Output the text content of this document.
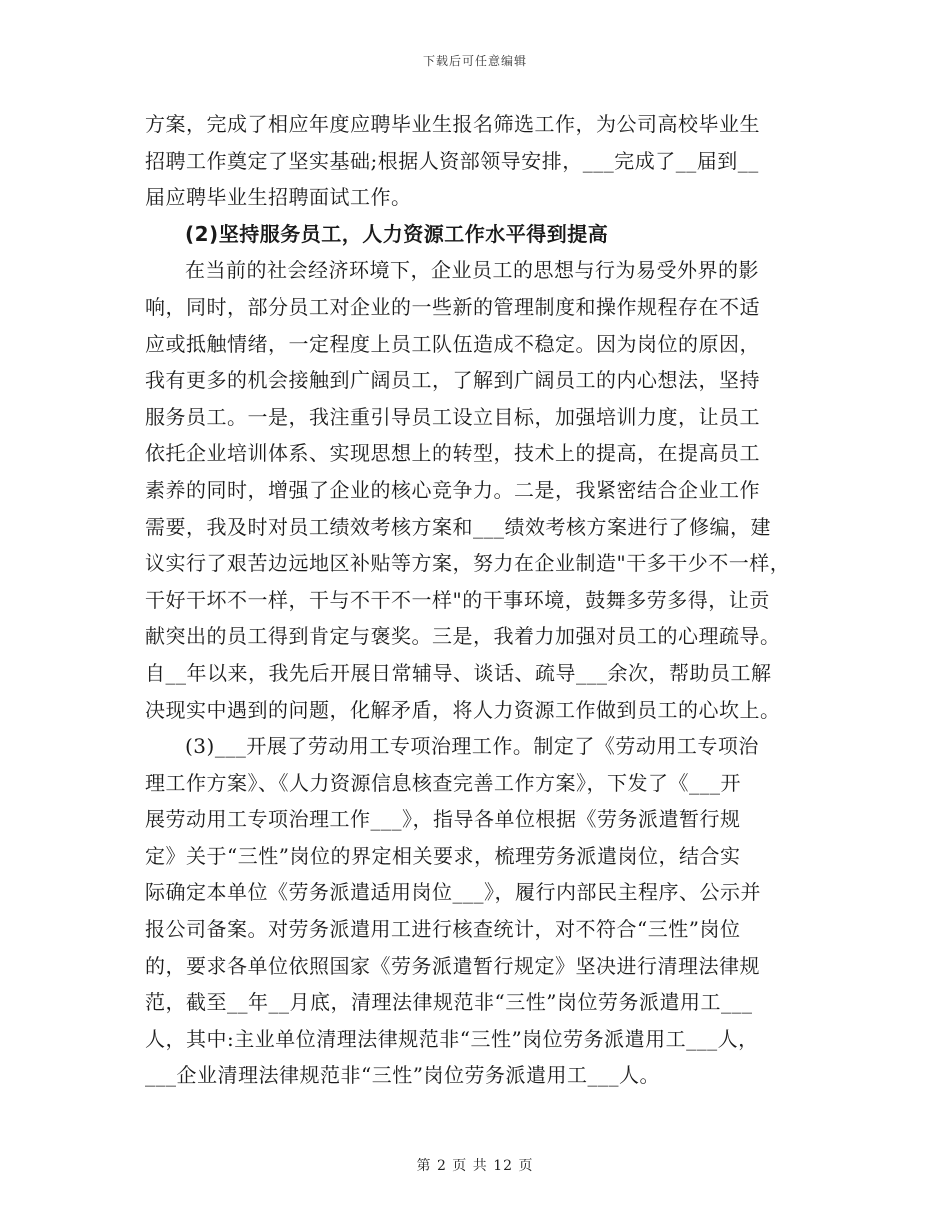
下载后可任意编辑
方案，完成了相应年度应聘毕业生报名筛选工作，为公司高校毕业生
招聘工作奠定了坚实基础;根据人资部领导安排，___完成了__届到__
届应聘毕业生招聘面试工作。
(2)坚持服务员工，人力资源工作水平得到提高
在当前的社会经济环境下，企业员工的思想与行为易受外界的影
响，同时，部分员工对企业的一些新的管理制度和操作规程存在不适
应或抵触情绪，一定程度上员工队伍造成不稳定。因为岗位的原因，
我有更多的机会接触到广阔员工，了解到广阔员工的内心想法，坚持
服务员工。一是，我注重引导员工设立目标，加强培训力度，让员工
依托企业培训体系、实现思想上的转型，技术上的提高，在提高员工
素养的同时，增强了企业的核心竞争力。二是，我紧密结合企业工作
需要，我及时对员工绩效考核方案和___绩效考核方案进行了修编，建
议实行了艰苦边远地区补贴等方案，努力在企业制造"干多干少不一样，
干好干坏不一样，干与不干不一样"的干事环境，鼓舞多劳多得，让贡
献突出的员工得到肯定与褒奖。三是，我着力加强对员工的心理疏导。
自__年以来，我先后开展日常辅导、谈话、疏导___余次，帮助员工解
决现实中遇到的问题，化解矛盾，将人力资源工作做到员工的心坎上。
(3)___开展了劳动用工专项治理工作。制定了《劳动用工专项治
理工作方案》、《人力资源信息核查完善工作方案》，下发了《___开
展劳动用工专项治理工作___》，指导各单位根据《劳务派遣暂行规
定》关于“三性”岗位的界定相关要求，梳理劳务派遣岗位，结合实
际确定本单位《劳务派遣适用岗位___》，履行内部民主程序、公示并
报公司备案。对劳务派遣用工进行核查统计，对不符合“三性”岗位
的，要求各单位依照国家《劳务派遣暂行规定》坚决进行清理法律规
范，截至__年__月底，清理法律规范非“三性”岗位劳务派遣用工___
人，其中:主业单位清理法律规范非“三性”岗位劳务派遣用工___人，
___企业清理法律规范非“三性”岗位劳务派遣用工___人。
第 2 页 共 12 页
